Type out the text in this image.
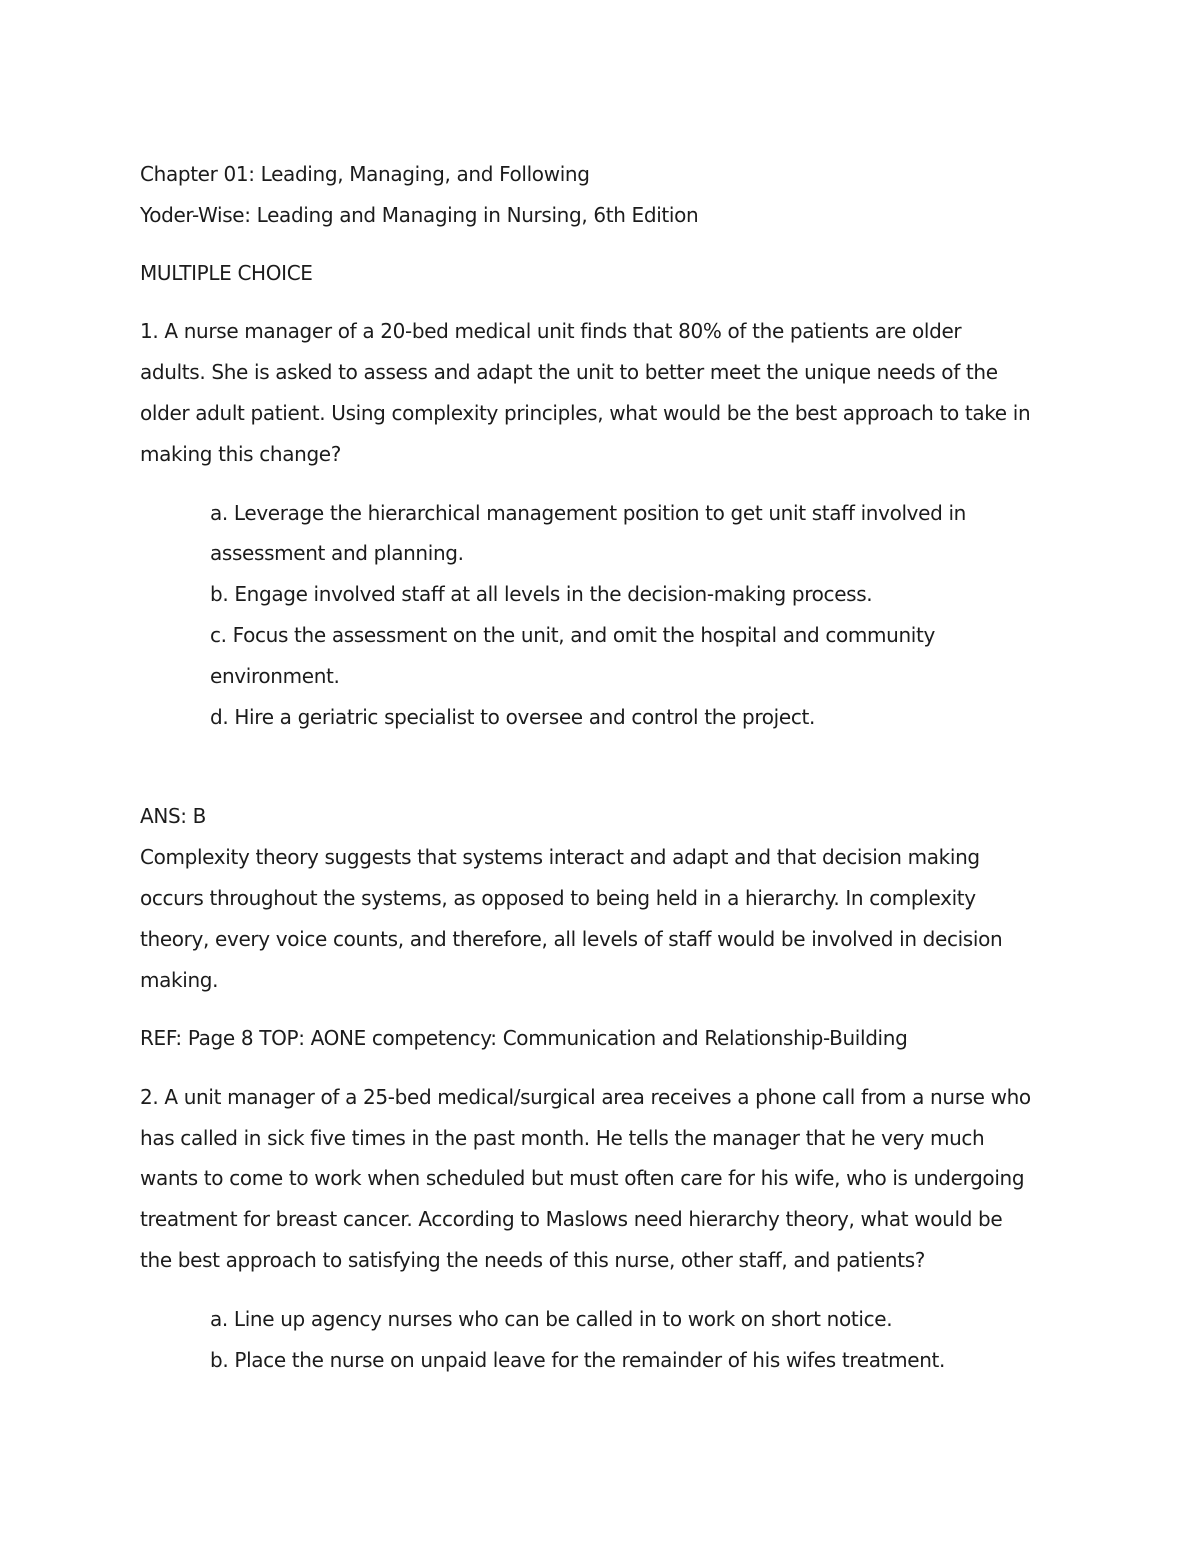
Chapter 01: Leading, Managing, and Following
Yoder-Wise: Leading and Managing in Nursing, 6th Edition
MULTIPLE CHOICE
1. A nurse manager of a 20-bed medical unit finds that 80% of the patients are older
adults. She is asked to assess and adapt the unit to better meet the unique needs of the
older adult patient. Using complexity principles, what would be the best approach to take in
making this change?
a. Leverage the hierarchical management position to get unit staff involved in
assessment and planning.
b. Engage involved staff at all levels in the decision-making process.
c. Focus the assessment on the unit, and omit the hospital and community
environment.
d. Hire a geriatric specialist to oversee and control the project.
ANS: B
Complexity theory suggests that systems interact and adapt and that decision making
occurs throughout the systems, as opposed to being held in a hierarchy. In complexity
theory, every voice counts, and therefore, all levels of staff would be involved in decision
making.
REF: Page 8 TOP: AONE competency: Communication and Relationship-Building
2. A unit manager of a 25-bed medical/surgical area receives a phone call from a nurse who
has called in sick five times in the past month. He tells the manager that he very much
wants to come to work when scheduled but must often care for his wife, who is undergoing
treatment for breast cancer. According to Maslows need hierarchy theory, what would be
the best approach to satisfying the needs of this nurse, other staff, and patients?
a. Line up agency nurses who can be called in to work on short notice.
b. Place the nurse on unpaid leave for the remainder of his wifes treatment.
